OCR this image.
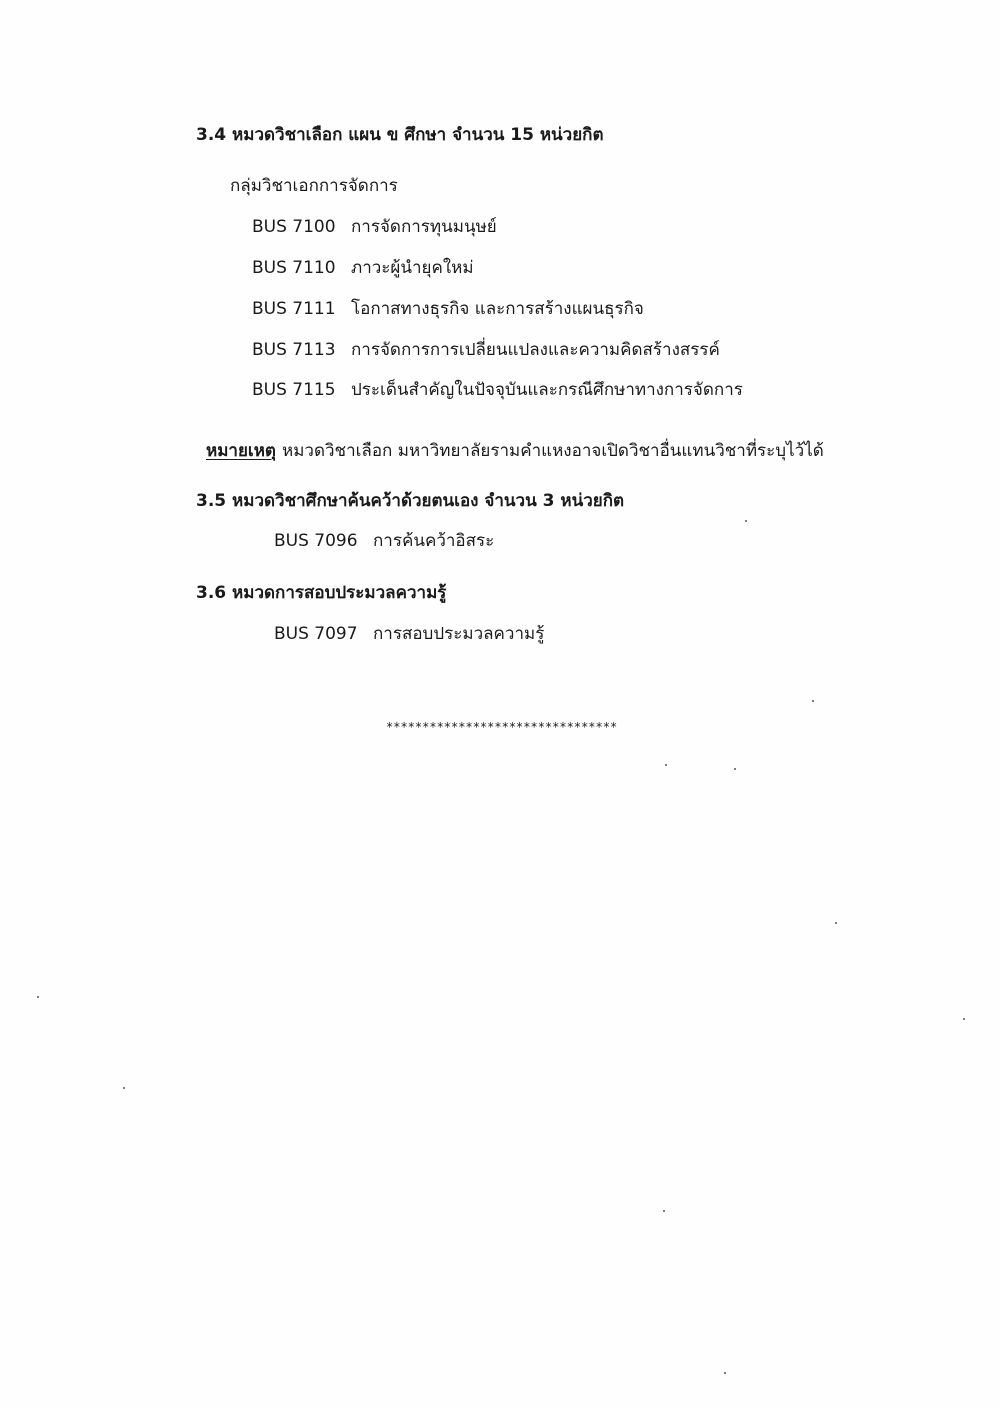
3.4 หมวดวิชาเลือก แผน ข ศึกษา จำนวน 15 หน่วยกิต
กลุ่มวิชาเอกการจัดการ
BUS 7100 การจัดการทุนมนุษย์
BUS 7110 ภาวะผู้นำยุคใหม่
BUS 7111 โอกาสทางธุรกิจ และการสร้างแผนธุรกิจ
BUS 7113 การจัดการการเปลี่ยนแปลงและความคิดสร้างสรรค์
BUS 7115 ประเด็นสำคัญในปัจจุบันและกรณีศึกษาทางการจัดการ
หมายเหตุ หมวดวิชาเลือก มหาวิทยาลัยรามคำแหงอาจเปิดวิชาอื่นแทนวิชาที่ระบุไว้ได้
3.5 หมวดวิชาศึกษาค้นคว้าด้วยตนเอง จำนวน 3 หน่วยกิต
BUS 7096 การค้นคว้าอิสระ
3.6 หมวดการสอบประมวลความรู้
BUS 7097 การสอบประมวลความรู้
********************************
